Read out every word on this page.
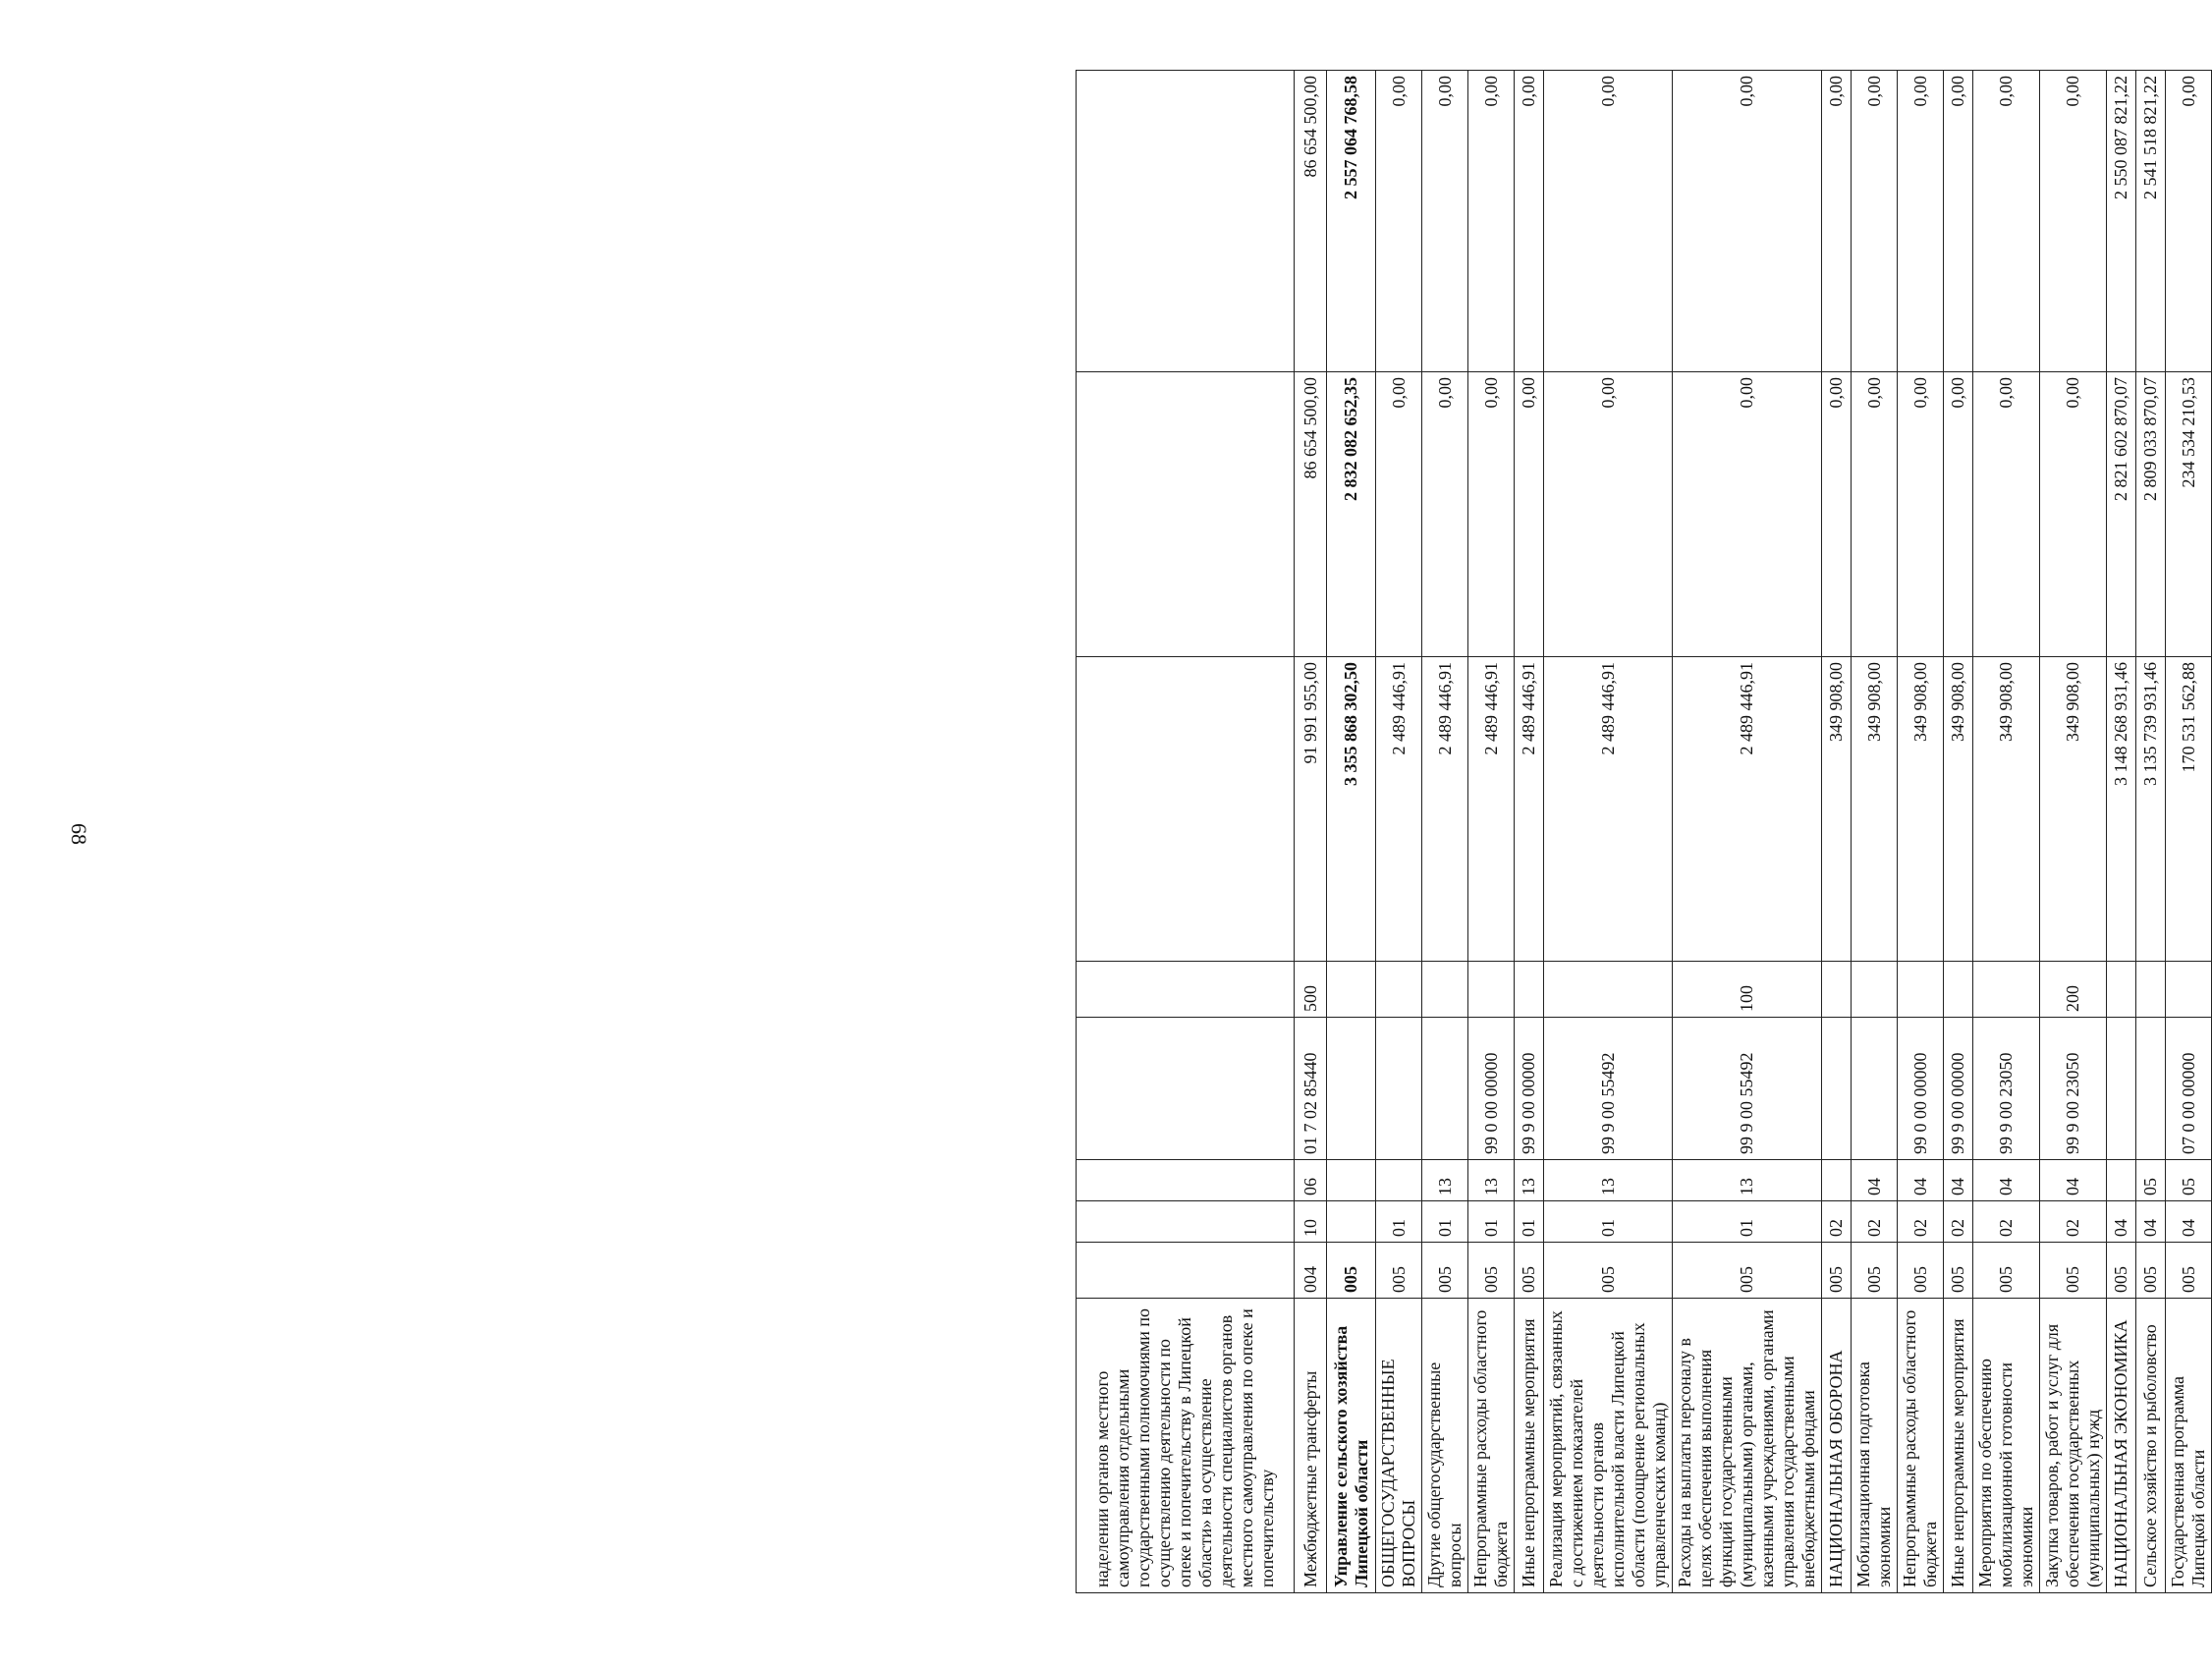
68
наделении органов местного самоуправления отдельными государственными полномочиями по осуществлению деятельности по опеке и попечительству в Липецкой области» на осуществление деятельности специалистов органов местного самоуправления по опеке и попечительству								
Межбюджетные трансферты	004	10	06	01 7 02 85440	500	91 991 955,00	86 654 500,00	86 654 500,00
Управление сельского хозяйства Липецкой области	005					3 355 868 302,50	2 832 082 652,35	2 557 064 768,58
ОБЩЕГОСУДАРСТВЕННЫЕ ВОПРОСЫ	005	01				2 489 446,91	0,00	0,00
Другие общегосударственные вопросы	005	01	13			2 489 446,91	0,00	0,00
Непрограммные расходы областного бюджета	005	01	13	99 0 00 00000		2 489 446,91	0,00	0,00
Иные непрограммные мероприятия	005	01	13	99 9 00 00000		2 489 446,91	0,00	0,00
Реализация мероприятий, связанных с достижением показателей деятельности органов исполнительной власти Липецкой области (поощрение региональных управленческих команд)	005	01	13	99 9 00 55492		2 489 446,91	0,00	0,00
Расходы на выплаты персоналу в целях обеспечения выполнения функций государственными (муниципальными) органами, казенными учреждениями, органами управления государственными внебюджетными фондами	005	01	13	99 9 00 55492	100	2 489 446,91	0,00	0,00
НАЦИОНАЛЬНАЯ ОБОРОНА	005	02				349 908,00	0,00	0,00
Мобилизационная подготовка экономики	005	02	04			349 908,00	0,00	0,00
Непрограммные расходы областного бюджета	005	02	04	99 0 00 00000		349 908,00	0,00	0,00
Иные непрограммные мероприятия	005	02	04	99 9 00 00000		349 908,00	0,00	0,00
Мероприятия по обеспечению мобилизационной готовности экономики	005	02	04	99 9 00 23050		349 908,00	0,00	0,00
Закупка товаров, работ и услуг для обеспечения государственных (муниципальных) нужд	005	02	04	99 9 00 23050	200	349 908,00	0,00	0,00
НАЦИОНАЛЬНАЯ ЭКОНОМИКА	005	04				3 148 268 931,46	2 821 602 870,07	2 550 087 821,22
Сельское хозяйство и рыболовство	005	04	05			3 135 739 931,46	2 809 033 870,07	2 541 518 821,22
Государственная программа Липецкой области	005	04	05	07 0 00 00000		170 531 562,88	234 534 210,53	0,00
